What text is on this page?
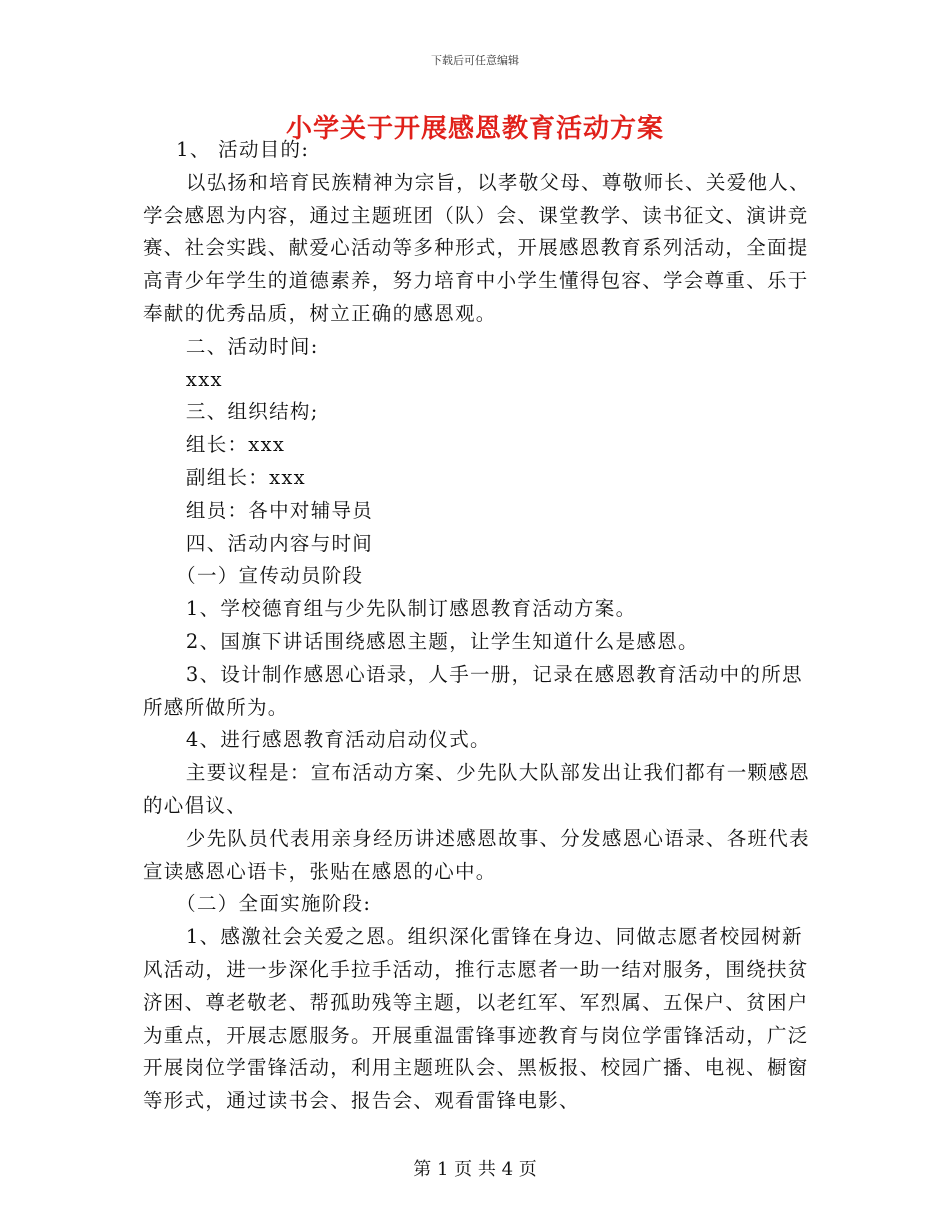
下载后可任意编辑
小学关于开展感恩教育活动方案

1、 活动目的:

以弘扬和培育民族精神为宗旨，以孝敬父母、尊敬师长、关爱他人、学会感恩为内容，通过主题班团（队）会、课堂教学、读书征文、演讲竞赛、社会实践、献爱心活动等多种形式，开展感恩教育系列活动，全面提高青少年学生的道德素养，努力培育中小学生懂得包容、学会尊重、乐于奉献的优秀品质，树立正确的感恩观。

二、活动时间:

xxx

三、组织结构;

组长：xxx

副组长：xxx

组员：各中对辅导员

四、活动内容与时间

（一）宣传动员阶段

1、学校德育组与少先队制订感恩教育活动方案。

2、国旗下讲话围绕感恩主题，让学生知道什么是感恩。

3、设计制作感恩心语录，人手一册，记录在感恩教育活动中的所思所感所做所为。

4、进行感恩教育活动启动仪式。

主要议程是：宣布活动方案、少先队大队部发出让我们都有一颗感恩的心倡议、

少先队员代表用亲身经历讲述感恩故事、分发感恩心语录、各班代表宣读感恩心语卡，张贴在感恩的心中。

（二）全面实施阶段:

1、感激社会关爱之恩。组织深化雷锋在身边、同做志愿者校园树新风活动，进一步深化手拉手活动，推行志愿者一助一结对服务，围绕扶贫济困、尊老敬老、帮孤助残等主题，以老红军、军烈属、五保户、贫困户为重点，开展志愿服务。开展重温雷锋事迹教育与岗位学雷锋活动，广泛开展岗位学雷锋活动，利用主题班队会、黑板报、校园广播、电视、橱窗等形式，通过读书会、报告会、观看雷锋电影、

第 1 页 共 4 页
